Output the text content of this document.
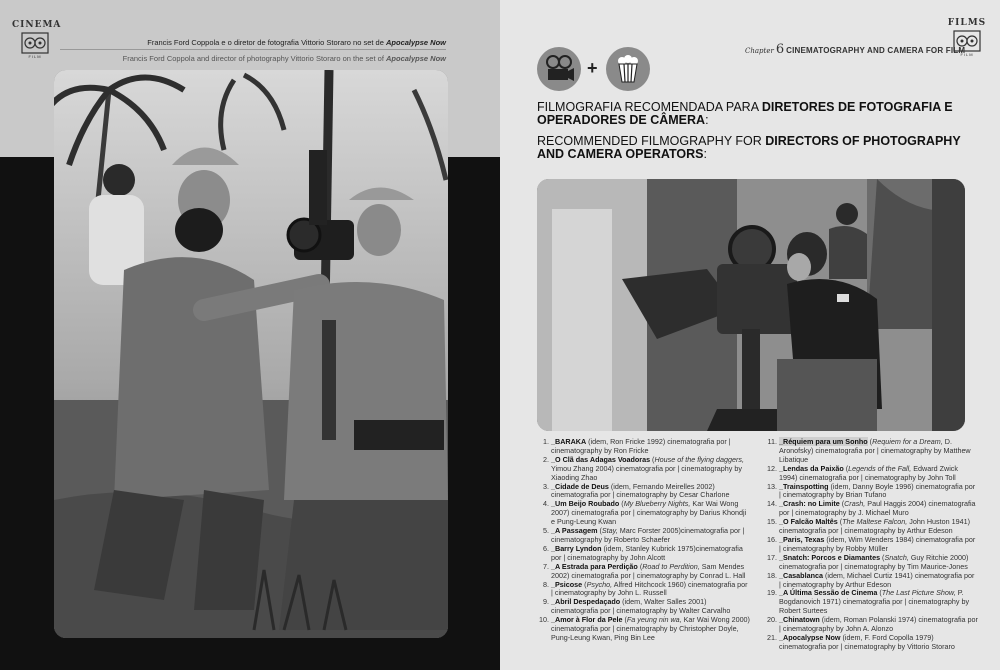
CINEMA
FILM
Francis Ford Coppola e o diretor de fotografia Vittorio Storaro no set de Apocalypse Now
Francis Ford Coppola and director of photography Vittorio Storaro on the set of Apocalypse Now
FILMS
FILM
Chapter 6 CINEMATOGRAPHY AND CAMERA FOR FILM
+
FILMOGRAFIA RECOMENDADA PARA DIRETORES DE FOTOGRAFIA E OPERADORES DE CÂMERA:
RECOMMENDED FILMOGRAPHY FOR DIRECTORS OF PHOTOGRAPHY AND CAMERA OPERATORS:
1. _BARAKA (idem, Ron Fricke 1992) cinematografia por | cinematography by Ron Fricke
2. _O Clã das Adagas Voadoras (House of the flying daggers, Yimou Zhang 2004) cinematografia por | cinematography by Xiaoding Zhao
3. _Cidade de Deus (idem, Fernando Meirelles 2002) cinematografia por | cinematography by Cesar Charlone
4. _Um Beijo Roubado (My Blueberry Nights, Kar Wai Wong 2007) cinematografia por | cinematography by Darius Khondji e Pung-Leung Kwan
5. _A Passagem (Stay, Marc Forster 2005)cinematografia por | cinematography by Roberto Schaefer
6. _Barry Lyndon (idem, Stanley Kubrick 1975)cinematografia por | cinematography by John Alcott
7. _A Estrada para Perdição (Road to Perdition, Sam Mendes 2002) cinematografia por | cinematography by Conrad L. Hall
8. _Psicose (Psycho, Alfred Hitchcock 1960) cinematografia por | cinematography by John L. Russell
9. _Abril Despedaçado (idem, Walter Salles 2001) cinematografia por | cinematography by Walter Carvalho
10. _Amor à Flor da Pele (Fa yeung nin wa, Kar Wai Wong 2000) cinematografia por | cinematography by Christopher Doyle, Pung-Leung Kwan, Ping Bin Lee
11. _Réquiem para um Sonho (Requiem for a Dream, D. Aronofsky) cinematografia por | cinematography by Matthew Libatique
12. _Lendas da Paixão (Legends of the Fall, Edward Zwick 1994) cinematografia por | cinematography by John Toll
13. _Trainspotting (idem, Danny Boyle 1996) cinematografia por | cinematography by Brian Tufano
14. _Crash: no Limite (Crash, Paul Haggis 2004) cinematografia por | cinematography by J. Michael Muro
15. _O Falcão Maltês (The Maltese Falcon, John Huston 1941) cinematografia por | cinematography by Arthur Edeson
16. _Paris, Texas (idem, Wim Wenders 1984) cinematografia por | cinematography by Robby Müller
17. _Snatch: Porcos e Diamantes (Snatch, Guy Ritchie 2000) cinematografia por | cinematography by Tim Maurice-Jones
18. _Casablanca (idem, Michael Curtiz 1941) cinematografia por | cinematography by Arthur Edeson
19. _A Última Sessão de Cinema (The Last Picture Show, P. Bogdanovich 1971) cinematografia por | cinematography by Robert Surtees
20. _Chinatown (idem, Roman Polanski 1974) cinematografia por | cinematography by John A. Alonzo
21. _Apocalypse Now (idem, F. Ford Copolla 1979) cinematografia por | cinematography by Vittorio Storaro
